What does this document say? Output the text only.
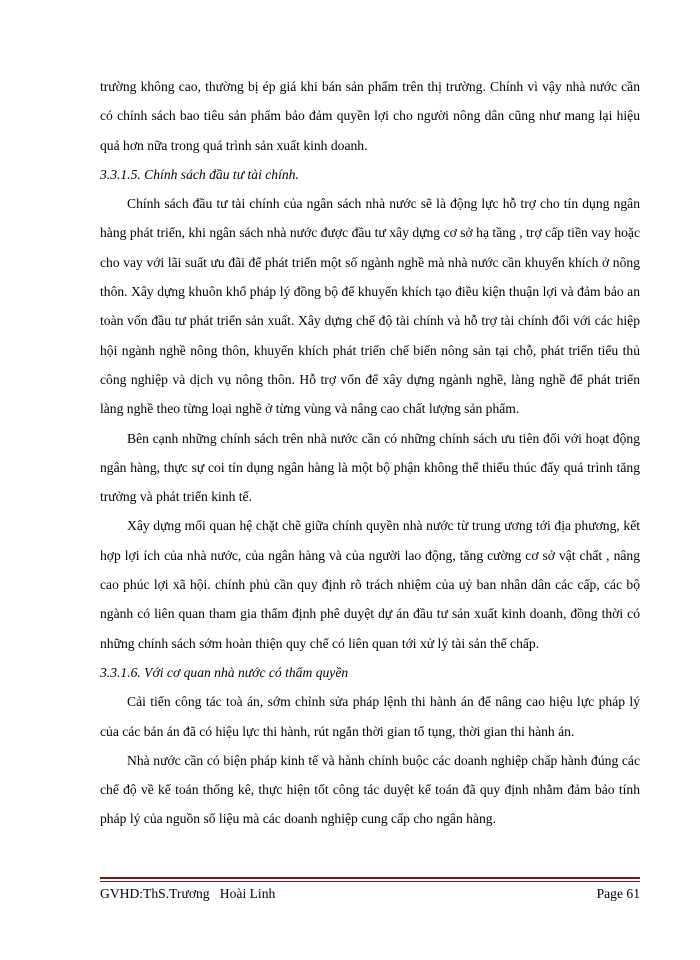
trường không cao, thường bị ép giá khi bán sản phẩm trên thị trường. Chính vì vậy nhà nước cần có chính sách bao tiêu sản phẩm bảo đảm quyền lợi cho người nông dân cũng như mang lại hiệu quả hơn nữa trong quá trình sản xuất kinh doanh.

3.3.1.5. Chính sách đầu tư tài chính.

Chính sách đầu tư tài chính của ngân sách nhà nước sẽ là động lực hỗ trợ cho tín dụng ngân hàng phát triển, khi ngân sách nhà nước được đầu tư xây dựng cơ sở hạ tầng , trợ cấp tiền vay hoặc cho vay với lãi suất ưu đãi để phát triển một số ngành nghề mà nhà nước cần khuyến khích ở nông thôn. Xây dựng khuôn khổ pháp lý đồng bộ để khuyến khích tạo điều kiện thuận lợi và đảm bảo an toàn vốn đầu tư phát triển sản xuất. Xây dựng chế độ tài chính và hỗ trợ tài chính đối với các hiệp hội ngành nghề nông thôn, khuyến khích phát triển chế biến nông sản tại chỗ, phát triển tiểu thủ công nghiệp và dịch vụ nông thôn. Hỗ trợ vốn để xây dựng ngành nghề, làng nghề để phát triển làng nghề theo từng loại nghề ở từng vùng và nâng cao chất lượng sản phẩm.

Bên cạnh những chính sách trên nhà nước cần có những chính sách ưu tiên đối với hoạt động ngân hàng, thực sự coi tín dụng ngân hàng là một bộ phận không thể thiếu thúc đẩy quá trình tăng trưởng và phát triển kinh tế.

Xây dựng mối quan hệ chặt chẽ giữa chính quyền nhà nước từ trung ương tới địa phương, kết hợp lợi ích của nhà nước, của ngân hàng và của người lao động, tăng cường cơ sở vật chất , nâng cao phúc lợi xã hội. chính phủ cần quy định rõ trách nhiệm của uỷ ban nhân dân các cấp, các bộ ngành có liên quan tham gia thẩm định phê duyệt dự án đầu tư sản xuất kinh doanh, đồng thời có những chính sách sớm hoàn thiện quy chế có liên quan tới xử lý tài sản thế chấp.

3.3.1.6. Với cơ quan nhà nước có thẩm quyền

Cải tiến công tác toà án, sớm chỉnh sửa pháp lệnh thi hành án để nâng cao hiệu lực pháp lý của các bản án đã có hiệu lực thi hành, rút ngắn thời gian tố tụng, thời gian thi hành án.

Nhà nước cần có biện pháp kinh tế và hành chính buộc các doanh nghiệp chấp hành đúng các chế độ về kế toán thống kê, thực hiện tốt công tác duyệt kế toán đã quy định nhằm đảm bảo tính pháp lý của nguồn số liệu mà các doanh nghiệp cung cấp cho ngân hàng.

GVHD:ThS.Trương   Hoài Linh	Page 61
